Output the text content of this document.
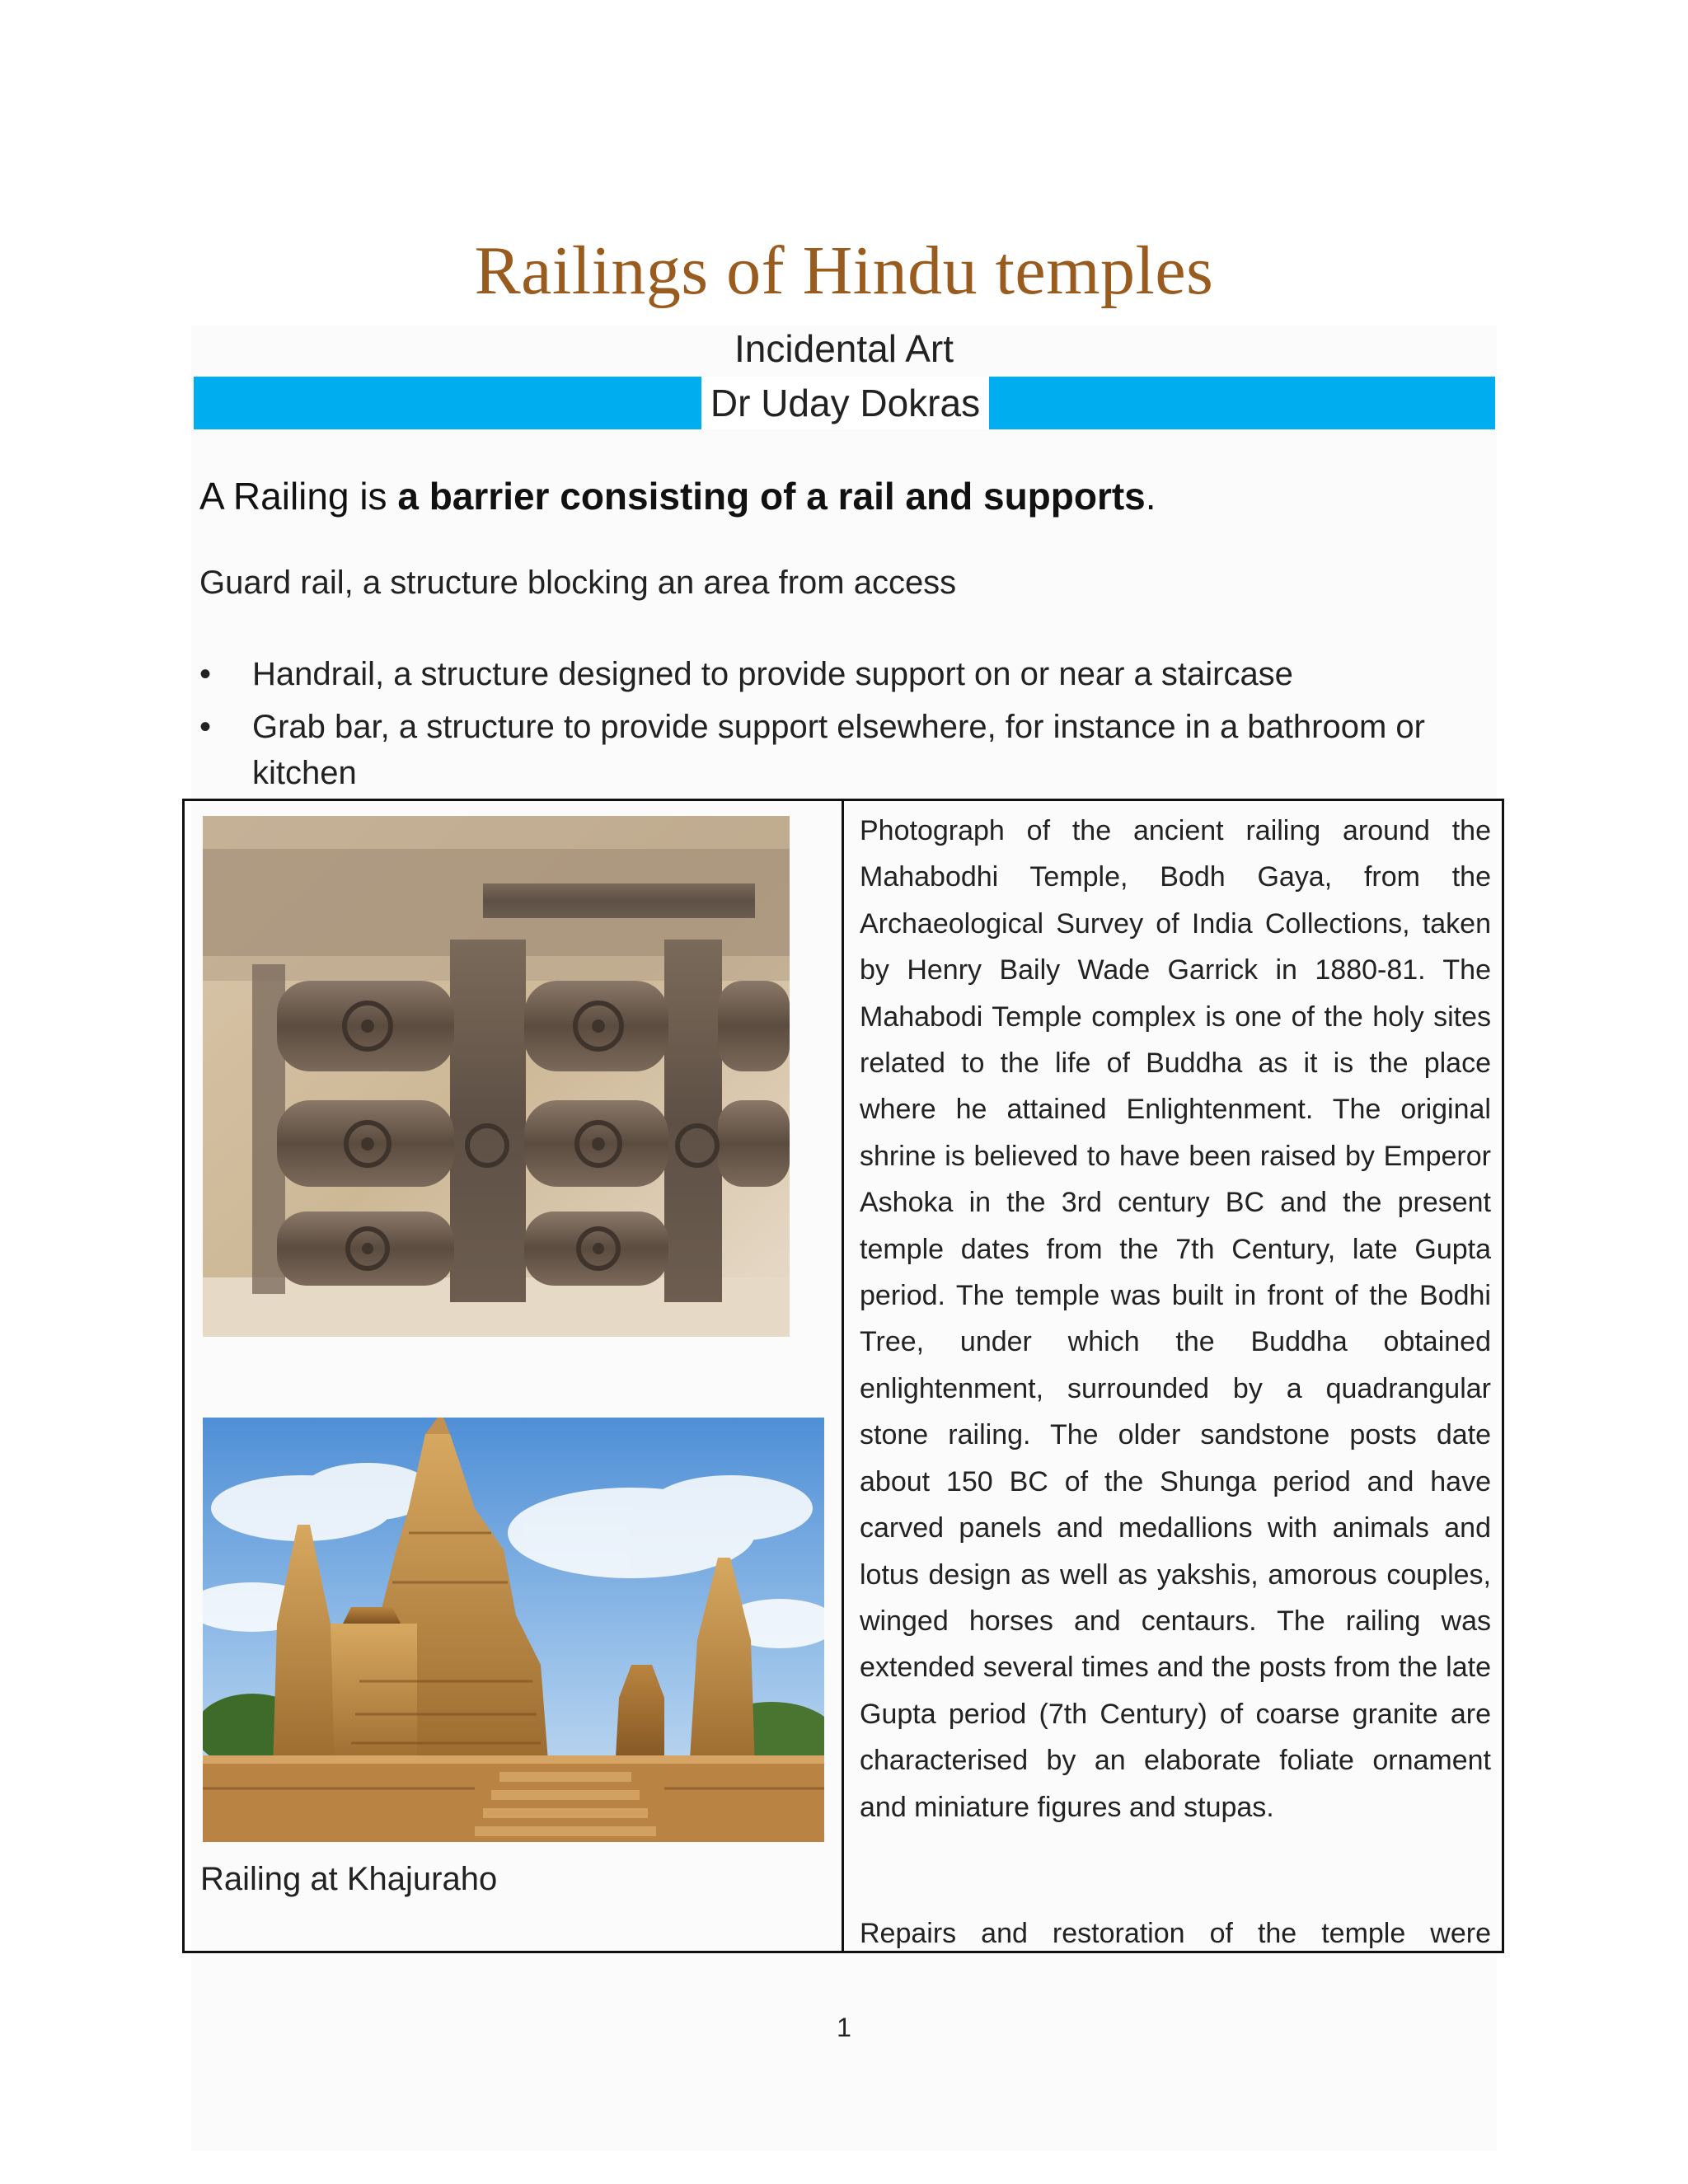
Railings of Hindu temples
Incidental Art
Dr Uday Dokras
A Railing is a barrier consisting of a rail and supports.
Guard rail, a structure blocking an area from access
•	Handrail, a structure designed to provide support on or near a staircase
•	Grab bar, a structure to provide support elsewhere, for instance in a bathroom or kitchen
Railing at Khajuraho

Photograph of the ancient railing around the Mahabodhi Temple, Bodh Gaya, from the Archaeological Survey of India Collections, taken by Henry Baily Wade Garrick in 1880-81. The Mahabodi Temple complex is one of the holy sites related to the life of Buddha as it is the place where he attained Enlightenment. The original shrine is believed to have been raised by Emperor Ashoka in the 3rd century BC and the present temple dates from the 7th Century, late Gupta period. The temple was built in front of the Bodhi Tree, under which the Buddha obtained enlightenment, surrounded by a quadrangular stone railing. The older sandstone posts date about 150 BC of the Shunga period and have carved panels and medallions with animals and lotus design as well as yakshis, amorous couples, winged horses and centaurs. The railing was extended several times and the posts from the late Gupta period (7th Century) of coarse granite are characterised by an elaborate foliate ornament and miniature figures and stupas.

Repairs and restoration of the temple were

1
